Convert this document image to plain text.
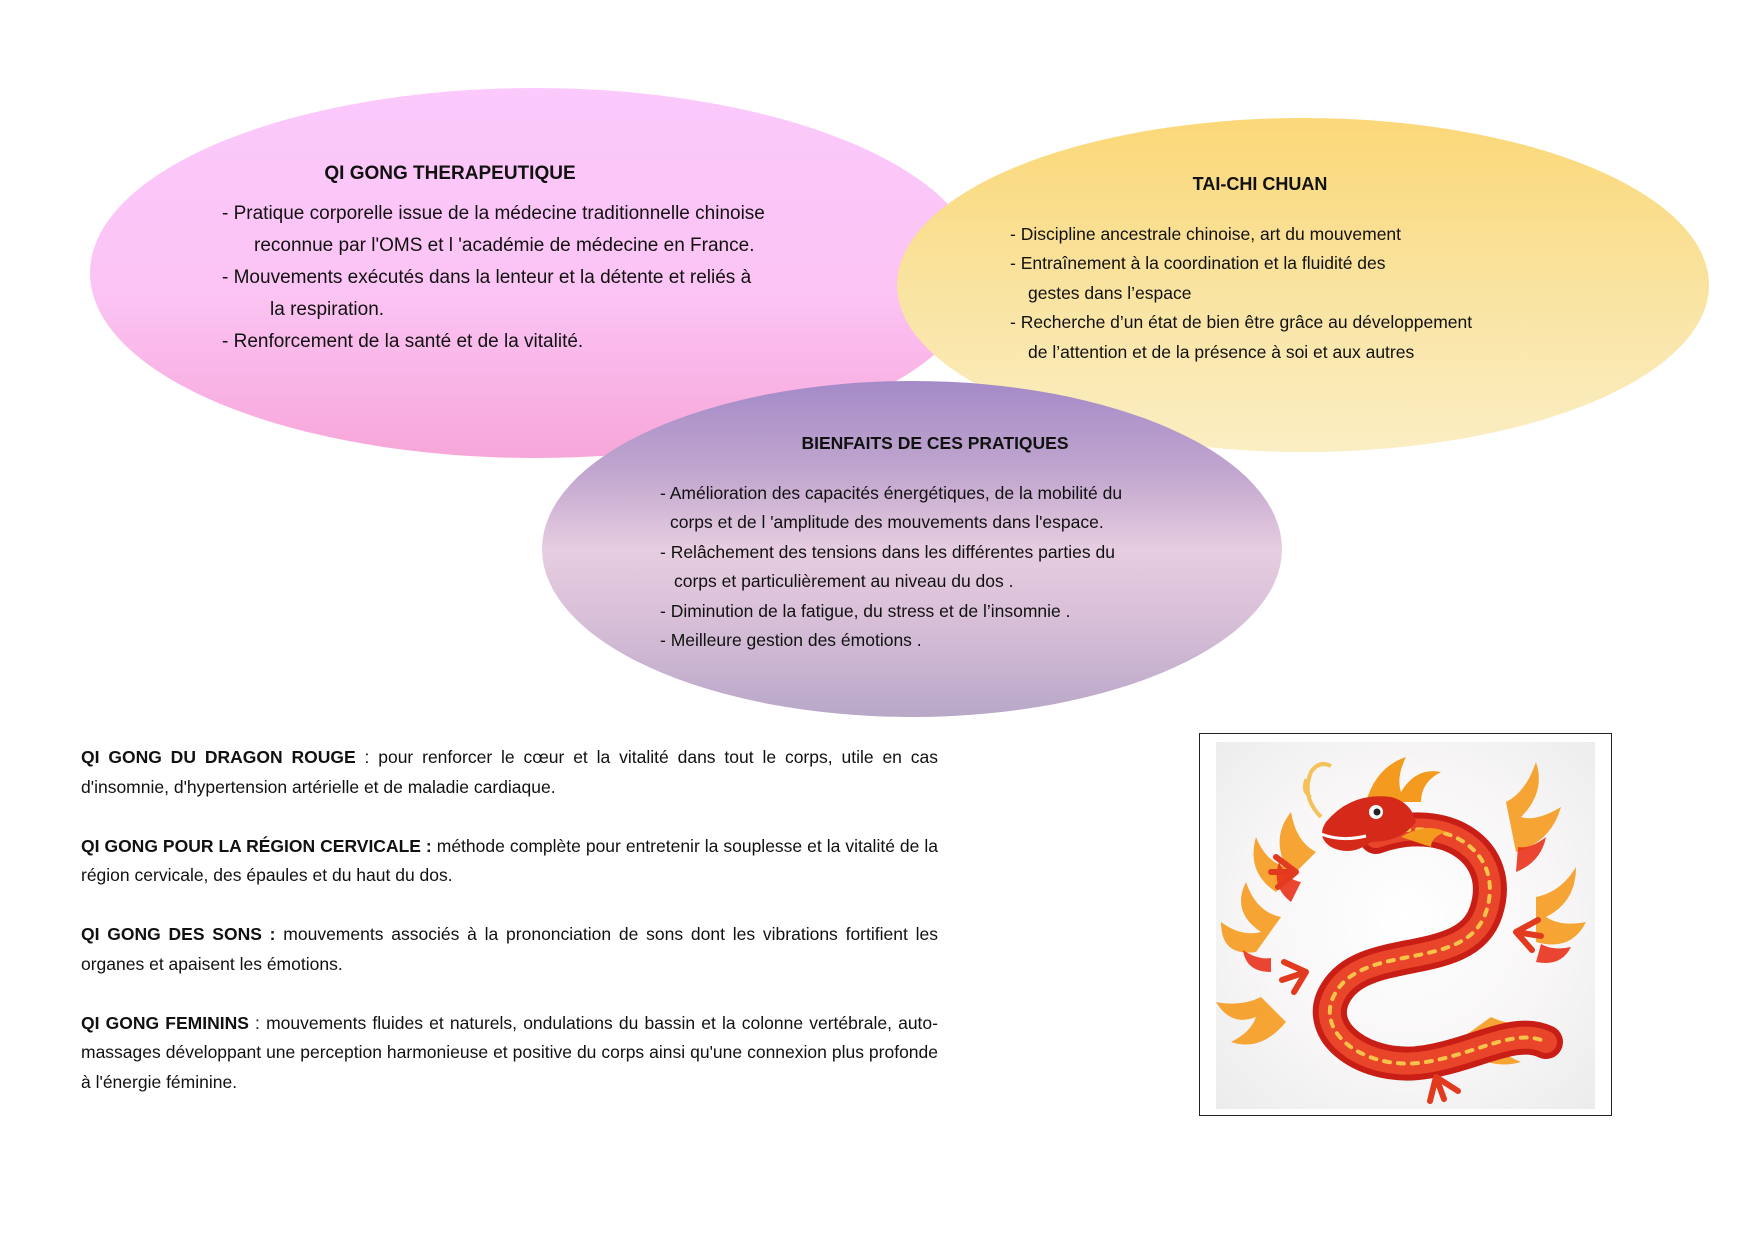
QI GONG THERAPEUTIQUE
- Pratique corporelle issue de la médecine traditionnelle chinoise
reconnue par l'OMS et l 'académie de médecine en France.
- Mouvements exécutés dans la lenteur et la détente et reliés à
la respiration.
- Renforcement de la santé et de la vitalité.
TAI-CHI CHUAN
- Discipline ancestrale chinoise, art du mouvement
- Entraînement à la coordination et la fluidité des
gestes dans l’espace
- Recherche d’un état de bien être grâce au développement
de l’attention et de la présence à soi et aux autres
BIENFAITS DE CES PRATIQUES
- Amélioration des capacités énergétiques, de la mobilité du
corps et de l 'amplitude des mouvements dans l'espace.
- Relâchement des tensions dans les différentes parties du
corps et particulièrement au niveau du dos .
- Diminution de la fatigue, du stress et de l’insomnie .
- Meilleure gestion des émotions .

QI GONG DU DRAGON ROUGE : pour renforcer le cœur et la vitalité dans tout le corps, utile en cas d'insomnie, d'hypertension artérielle et de maladie cardiaque.

QI GONG POUR LA RÉGION CERVICALE : méthode complète pour entretenir la souplesse et la vitalité de la région cervicale, des épaules et du haut du dos.

QI GONG DES SONS : mouvements associés à la prononciation de sons dont les vibrations fortifient les organes et apaisent les émotions.

QI GONG FEMININS : mouvements fluides et naturels, ondulations du bassin et la colonne vertébrale, auto-massages développant une perception harmonieuse et positive du corps ainsi qu'une connexion plus profonde à l'énergie féminine.
